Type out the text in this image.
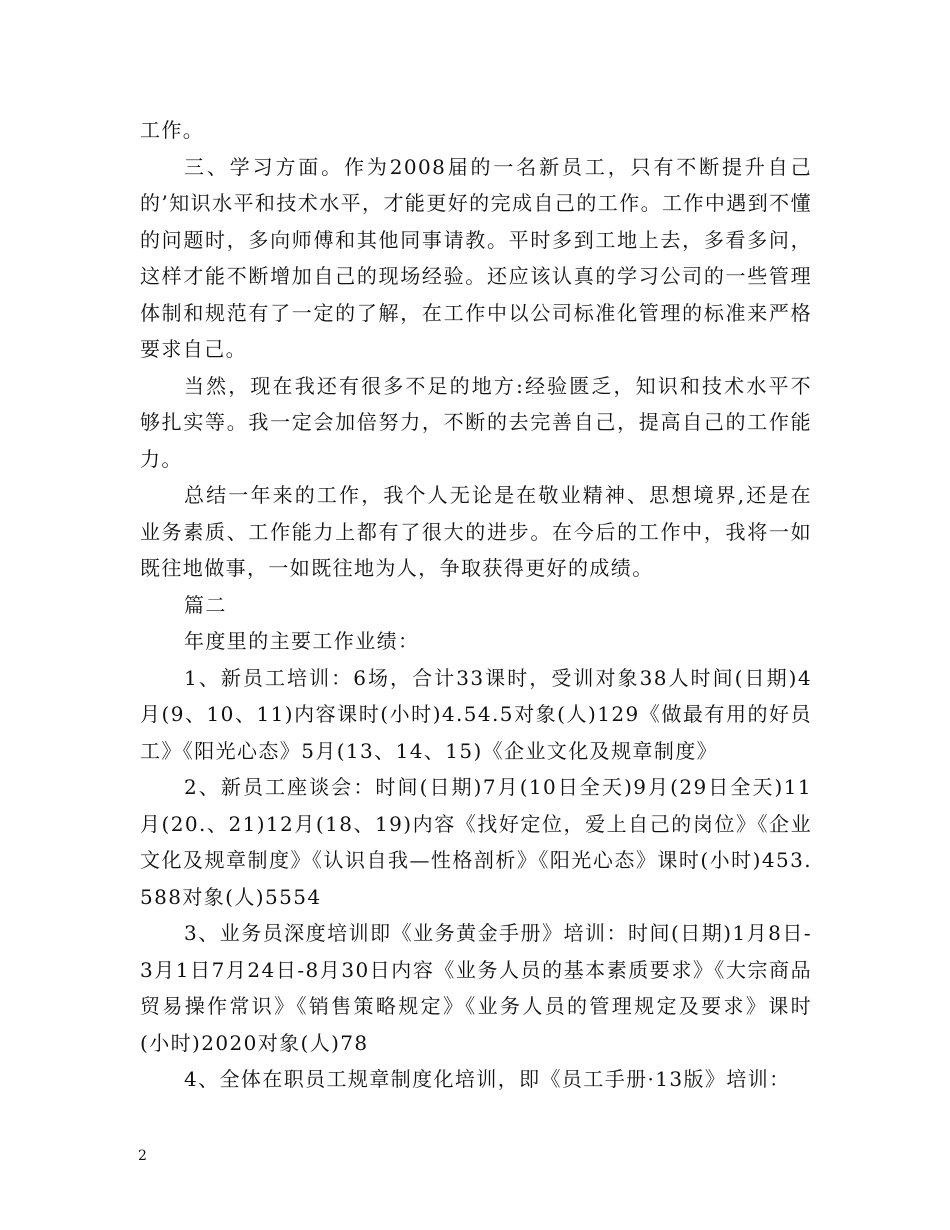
工作。

三、学习方面。作为2008届的一名新员工，只有不断提升自己的’知识水平和技术水平，才能更好的完成自己的工作。工作中遇到不懂的问题时，多向师傅和其他同事请教。平时多到工地上去，多看多问，这样才能不断增加自己的现场经验。还应该认真的学习公司的一些管理体制和规范有了一定的了解，在工作中以公司标准化管理的标准来严格要求自己。

当然，现在我还有很多不足的地方:经验匮乏，知识和技术水平不够扎实等。我一定会加倍努力，不断的去完善自己，提高自己的工作能力。

总结一年来的工作，我个人无论是在敬业精神、思想境界,还是在业务素质、工作能力上都有了很大的进步。在今后的工作中，我将一如既往地做事，一如既往地为人，争取获得更好的成绩。

篇二

年度里的主要工作业绩：

1、新员工培训：6场，合计33课时，受训对象38人时间(日期)4月(9、10、11)内容课时(小时)4.54.5对象(人)129《做最有用的好员工》《阳光心态》5月(13、14、15)《企业文化及规章制度》

2、新员工座谈会：时间(日期)7月(10日全天)9月(29日全天)11月(20.、21)12月(18、19)内容《找好定位，爱上自己的岗位》《企业文化及规章制度》《认识自我—性格剖析》《阳光心态》课时(小时)453.588对象(人)5554

3、业务员深度培训即《业务黄金手册》培训：时间(日期)1月8日-3月1日7月24日-8月30日内容《业务人员的基本素质要求》《大宗商品贸易操作常识》《销售策略规定》《业务人员的管理规定及要求》课时(小时)2020对象(人)78

4、全体在职员工规章制度化培训，即《员工手册·13版》培训：

2
